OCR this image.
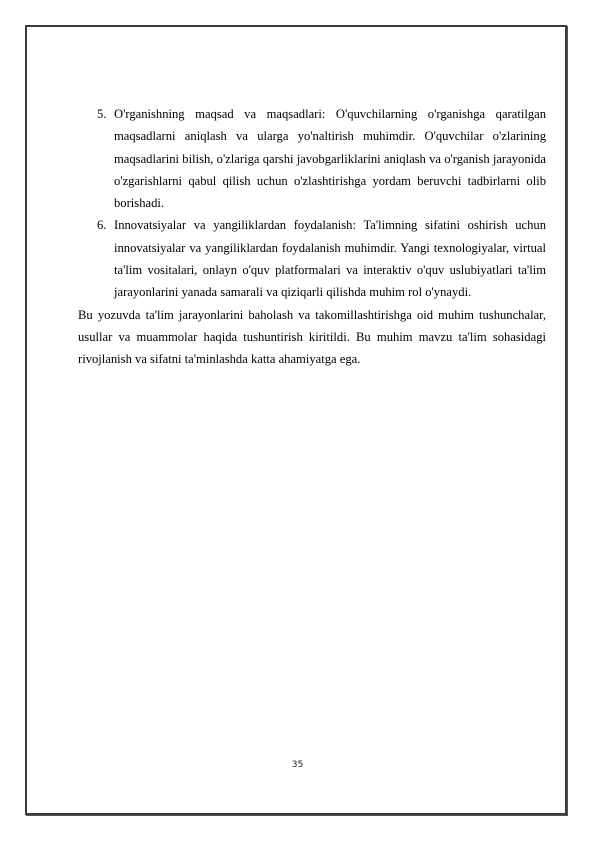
5. O'rganishning maqsad va maqsadlari: O'quvchilarning o'rganishga qaratilgan maqsadlarni aniqlash va ularga yo'naltirish muhimdir. O'quvchilar o'zlarining maqsadlarini bilish, o'zlariga qarshi javobgarliklarini aniqlash va o'rganish jarayonida o'zgarishlarni qabul qilish uchun o'zlashtirishga yordam beruvchi tadbirlarni olib borishadi.
6. Innovatsiyalar va yangiliklardan foydalanish: Ta'limning sifatini oshirish uchun innovatsiyalar va yangiliklardan foydalanish muhimdir. Yangi texnologiyalar, virtual ta'lim vositalari, onlayn o'quv platformalari va interaktiv o'quv uslubiyatlari ta'lim jarayonlarini yanada samarali va qiziqarli qilishda muhim rol o'ynaydi.

Bu yozuvda ta'lim jarayonlarini baholash va takomillashtirishga oid muhim tushunchalar, usullar va muammolar haqida tushuntirish kiritildi. Bu muhim mavzu ta'lim sohasidagi rivojlanish va sifatni ta'minlashda katta ahamiyatga ega.

35
